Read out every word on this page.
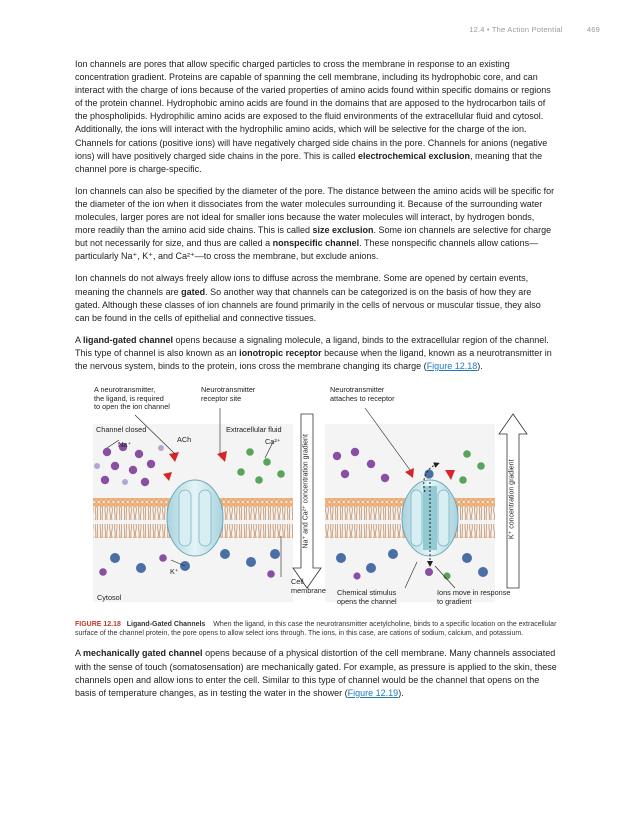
12.4 • The Action Potential	469

Ion channels are pores that allow specific charged particles to cross the membrane in response to an existing concentration gradient. Proteins are capable of spanning the cell membrane, including its hydrophobic core, and can interact with the charge of ions because of the varied properties of amino acids found within specific domains or regions of the protein channel. Hydrophobic amino acids are found in the domains that are apposed to the hydrocarbon tails of the phospholipids. Hydrophilic amino acids are exposed to the fluid environments of the extracellular fluid and cytosol. Additionally, the ions will interact with the hydrophilic amino acids, which will be selective for the charge of the ion. Channels for cations (positive ions) will have negatively charged side chains in the pore. Channels for anions (negative ions) will have positively charged side chains in the pore. This is called electrochemical exclusion, meaning that the channel pore is charge-specific.

Ion channels can also be specified by the diameter of the pore. The distance between the amino acids will be specific for the diameter of the ion when it dissociates from the water molecules surrounding it. Because of the surrounding water molecules, larger pores are not ideal for smaller ions because the water molecules will interact, by hydrogen bonds, more readily than the amino acid side chains. This is called size exclusion. Some ion channels are selective for charge but not necessarily for size, and thus are called a nonspecific channel. These nonspecific channels allow cations—particularly Na⁺, K⁺, and Ca²⁺—to cross the membrane, but exclude anions.

Ion channels do not always freely allow ions to diffuse across the membrane. Some are opened by certain events, meaning the channels are gated. So another way that channels can be categorized is on the basis of how they are gated. Although these classes of ion channels are found primarily in the cells of nervous or muscular tissue, they also can be found in the cells of epithelial and connective tissues.

A ligand-gated channel opens because a signaling molecule, a ligand, binds to the extracellular region of the channel. This type of channel is also known as an ionotropic receptor because when the ligand, known as a neurotransmitter in the nervous system, binds to the protein, ions cross the membrane changing its charge (Figure 12.18).

A neurotransmitter,
the ligand, is required
to open the ion channel
Neurotransmitter
receptor site
Neurotransmitter
attaches to receptor
Channel closed
ACh
Na⁺
Extracellular fluid
Ca²⁺
K⁺
Cytosol
Cell
membrane Chemical stimulus
opens the channel
Ions move in response
to gradient
Na⁺ and Ca²⁺ concentration gradient	K⁺ concentration gradient

FIGURE 12.18 Ligand-Gated Channels When the ligand, in this case the neurotransmitter acetylcholine, binds to a specific location on the extracellular surface of the channel protein, the pore opens to allow select ions through. The ions, in this case, are cations of sodium, calcium, and potassium.

A mechanically gated channel opens because of a physical distortion of the cell membrane. Many channels associated with the sense of touch (somatosensation) are mechanically gated. For example, as pressure is applied to the skin, these channels open and allow ions to enter the cell. Similar to this type of channel would be the channel that opens on the basis of temperature changes, as in testing the water in the shower (Figure 12.19).
